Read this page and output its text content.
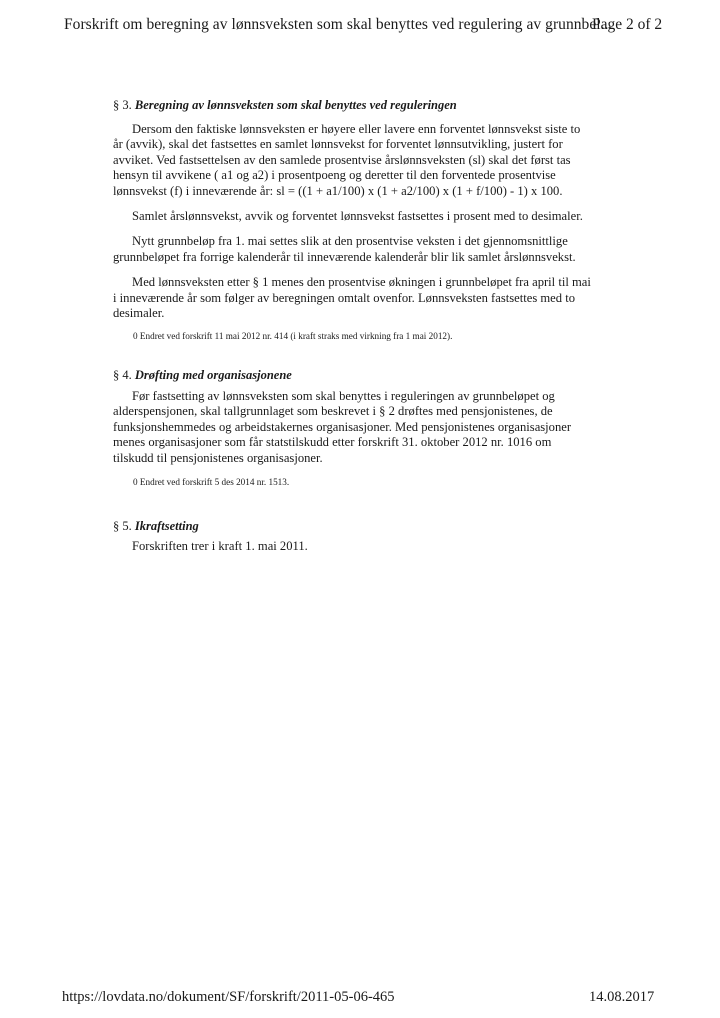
Forskrift om beregning av lønnsveksten som skal benyttes ved regulering av grunnbel...
Page 2 of 2

§ 3. Beregning av lønnsveksten som skal benyttes ved reguleringen

Dersom den faktiske lønnsveksten er høyere eller lavere enn forventet lønnsvekst siste to år (avvik), skal det fastsettes en samlet lønnsvekst for forventet lønnsutvikling, justert for avviket. Ved fastsettelsen av den samlede prosentvise årslønnsveksten (sl) skal det først tas hensyn til avvikene ( a1 og a2) i prosentpoeng og deretter til den forventede prosentvise lønnsvekst (f) i inneværende år: sl = ((1 + a1/100) x (1 + a2/100) x (1 + f/100) - 1) x 100.

Samlet årslønnsvekst, avvik og forventet lønnsvekst fastsettes i prosent med to desimaler.

Nytt grunnbeløp fra 1. mai settes slik at den prosentvise veksten i det gjennomsnittlige grunnbeløpet fra forrige kalenderår til inneværende kalenderår blir lik samlet årslønnsvekst.

Med lønnsveksten etter § 1 menes den prosentvise økningen i grunnbeløpet fra april til mai i inneværende år som følger av beregningen omtalt ovenfor. Lønnsveksten fastsettes med to desimaler.

0 Endret ved forskrift 11 mai 2012 nr. 414 (i kraft straks med virkning fra 1 mai 2012).

§ 4. Drøfting med organisasjonene

Før fastsetting av lønnsveksten som skal benyttes i reguleringen av grunnbeløpet og alderspensjonen, skal tallgrunnlaget som beskrevet i § 2 drøftes med pensjonistenes, de funksjonshemmedes og arbeidstakernes organisasjoner. Med pensjonistenes organisasjoner menes organisasjoner som får statstilskudd etter forskrift 31. oktober 2012 nr. 1016 om tilskudd til pensjonistenes organisasjoner.

0 Endret ved forskrift 5 des 2014 nr. 1513.

§ 5. Ikraftsetting

Forskriften trer i kraft 1. mai 2011.

https://lovdata.no/dokument/SF/forskrift/2011-05-06-465	14.08.2017
